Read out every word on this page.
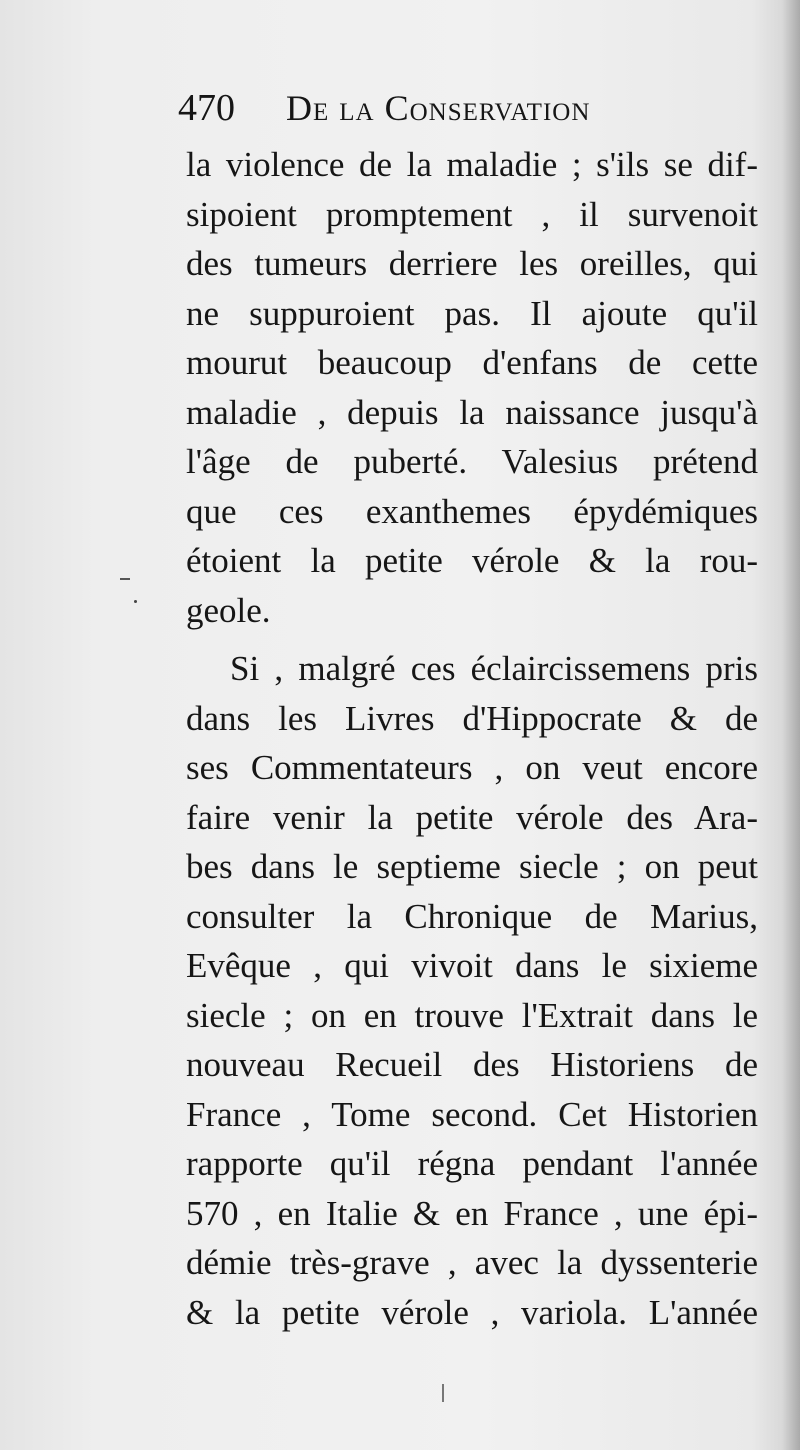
470 De la Conservation
la violence de la maladie ; s'ils se dif-
sipoient promptement , il survenoit
des tumeurs derriere les oreilles, qui
ne suppuroient pas. Il ajoute qu'il
mourut beaucoup d'enfans de cette
maladie , depuis la naissance jusqu'à
l'âge de puberté. Valesius prétend
que ces exanthemes épydémiques
étoient la petite vérole & la rou-
geole.
Si , malgré ces éclaircissemens pris
dans les Livres d'Hippocrate & de
ses Commentateurs , on veut encore
faire venir la petite vérole des Ara-
bes dans le septieme siecle ; on peut
consulter la Chronique de Marius,
Evêque , qui vivoit dans le sixieme
siecle ; on en trouve l'Extrait dans le
nouveau Recueil des Historiens de
France , Tome second. Cet Historien
rapporte qu'il régna pendant l'année
570 , en Italie & en France , une épi-
démie très-grave , avec la dyssenterie
& la petite vérole , variola. L'année
